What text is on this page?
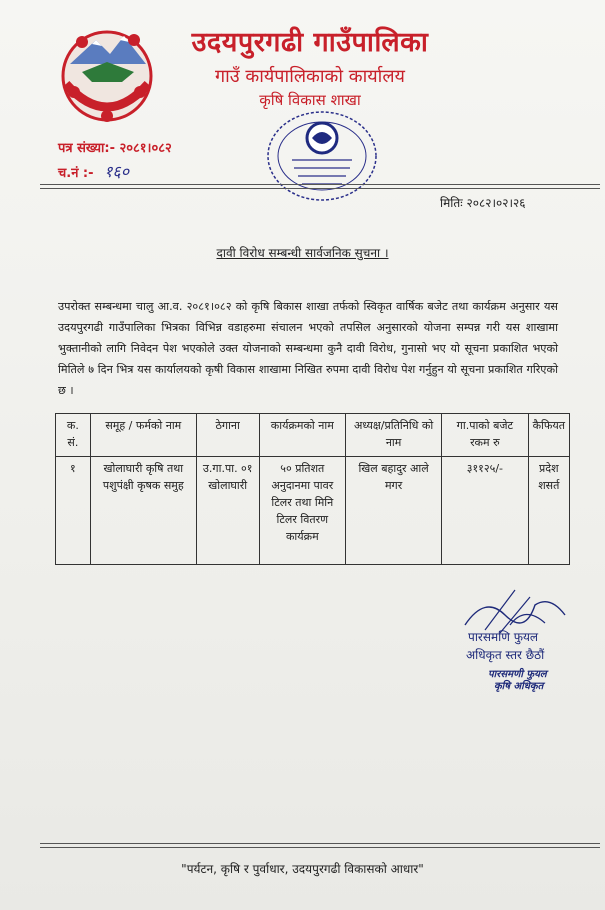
उदयपुरगढी गाउँपालिका
गाउँ कार्यपालिकाको कार्यालय
कृषि विकास शाखा
पत्र संख्या:- २०८१।०८२
च.नं :- १६०
मितिः २०८२।०२।२६
दावी विरोध सम्बन्धी सार्वजनिक सुचना ।
उपरोक्त सम्बन्धमा चालु आ.व. २०८१।०८२ को कृषि बिकास शाखा तर्फको स्विकृत वार्षिक बजेट तथा कार्यक्रम अनुसार यस उदयपुरगढी गाउँपालिका भित्रका विभिन्न वडाहरुमा संचालन भएको तपसिल अनुसारको योजना सम्पन्न गरी यस शाखामा भुक्तानीको लागि निवेदन पेश भएकोले उक्त योजनाको सम्बन्धमा कुनै दावी विरोध, गुनासो भए यो सूचना प्रकाशित भएको मितिले ७ दिन भित्र यस कार्यालयको कृषी विकास शाखामा निखित रुपमा दावी विरोध पेश गर्नुहुन यो सूचना प्रकाशित गरिएको छ ।
क. सं.	समूह / फर्मको नाम	ठेगाना	कार्यक्रमको नाम	अध्यक्ष/प्रतिनिधि को नाम	गा.पाको बजेट रकम रु	कैफियत
१	खोलाघारी कृषि तथा पशुपंक्षी कृषक समुह	उ.गा.पा. ०१ खोलाघारी	५० प्रतिशत अनुदानमा पावर टिलर तथा मिनि टिलर वितरण कार्यक्रम	खिल बहादुर आले मगर	३११२५/-	प्रदेश शसर्त
पारसमणि फुयल
अधिकृत स्तर छैठौं
पारसमणी फुयल
कृषि अधिकृत
"पर्यटन, कृषि र पुर्वाधार, उदयपुरगढी विकासको आधार"
